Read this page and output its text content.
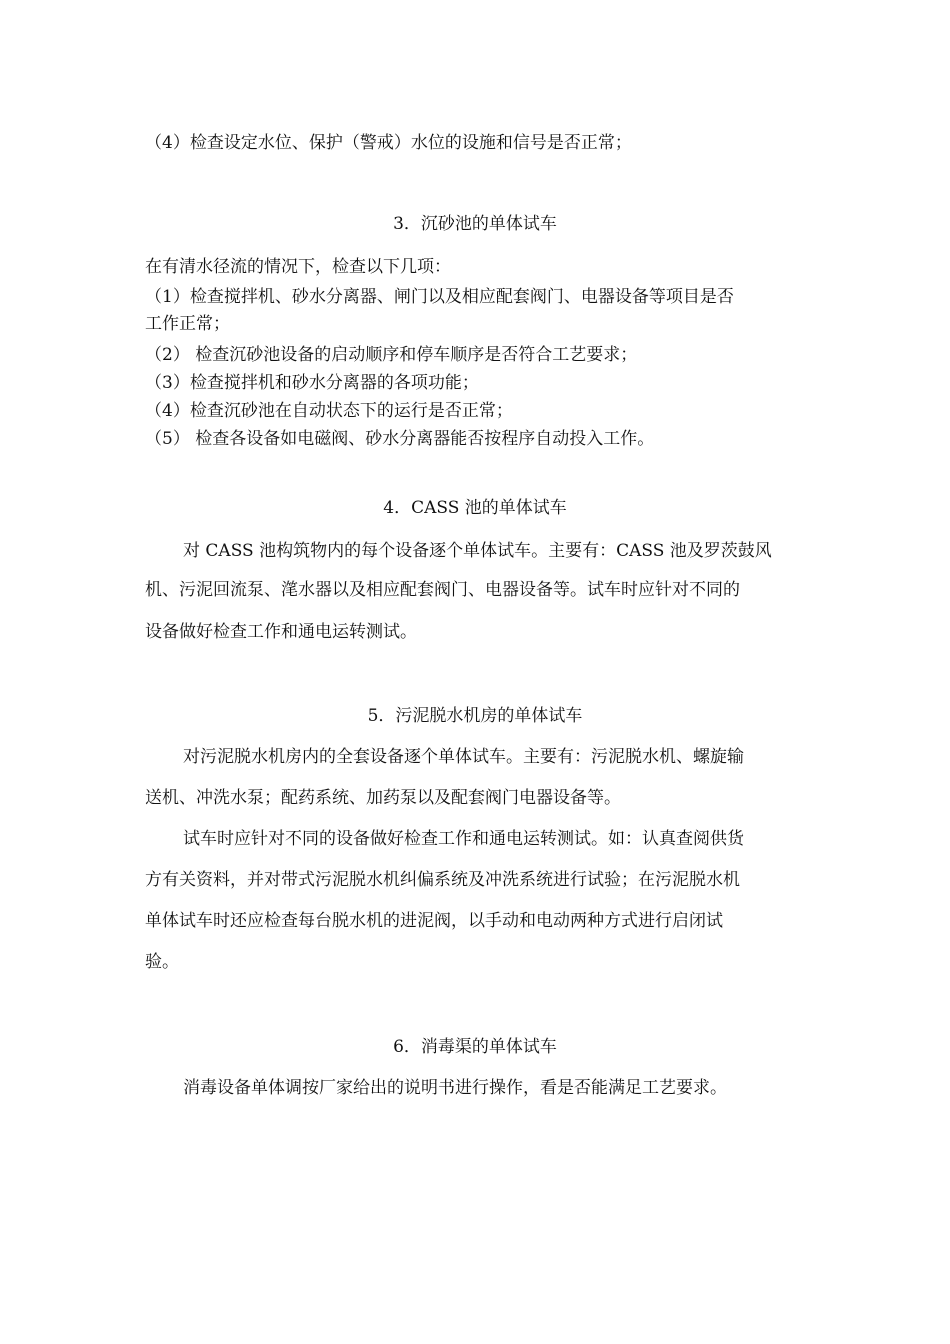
（4）检查设定水位、保护（警戒）水位的设施和信号是否正常；
3．沉砂池的单体试车
在有清水径流的情况下，检查以下几项：
（1）检查搅拌机、砂水分离器、闸门以及相应配套阀门、电器设备等项目是否
工作正常；
（2） 检查沉砂池设备的启动顺序和停车顺序是否符合工艺要求；
（3）检查搅拌机和砂水分离器的各项功能；
（4）检查沉砂池在自动状态下的运行是否正常；
（5） 检查各设备如电磁阀、砂水分离器能否按程序自动投入工作。
4．CASS 池的单体试车
对 CASS 池构筑物内的每个设备逐个单体试车。主要有：CASS 池及罗茨鼓风
机、污泥回流泵、滗水器以及相应配套阀门、电器设备等。试车时应针对不同的
设备做好检查工作和通电运转测试。
5．污泥脱水机房的单体试车
对污泥脱水机房内的全套设备逐个单体试车。主要有：污泥脱水机、螺旋输
送机、冲洗水泵；配药系统、加药泵以及配套阀门电器设备等。
试车时应针对不同的设备做好检查工作和通电运转测试。如：认真查阅供货
方有关资料，并对带式污泥脱水机纠偏系统及冲洗系统进行试验；在污泥脱水机
单体试车时还应检查每台脱水机的进泥阀，以手动和电动两种方式进行启闭试
验。
6．消毒渠的单体试车
消毒设备单体调按厂家给出的说明书进行操作，看是否能满足工艺要求。
